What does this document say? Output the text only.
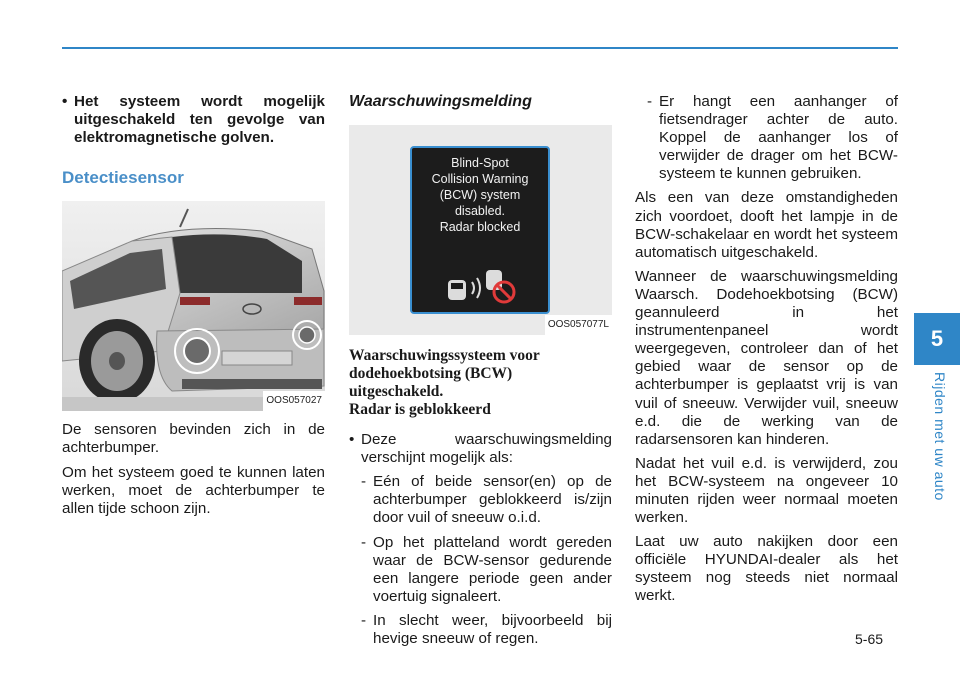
• Het systeem wordt mogelijk uitgeschakeld ten gevolge van elektromagnetische golven.
Detectiesensor
OOS057027

De sensoren bevinden zich in de achterbumper.

Om het systeem goed te kunnen laten werken, moet de achterbumper te allen tijde schoon zijn.

Waarschuwingsmelding
Blind-Spot
Collision Warning
(BCW) system
disabled.
Radar blocked
OOS057077L
Waarschuwingssysteem voor
dodehoekbotsing (BCW)
uitgeschakeld.
Radar is geblokkeerd
• Deze waarschuwingsmelding verschijnt mogelijk als:
- Eén of beide sensor(en) op de achterbumper geblokkeerd is/zijn door vuil of sneeuw o.i.d.
- Op het platteland wordt gereden waar de BCW-sensor gedurende een langere periode geen ander voertuig signaleert.
- In slecht weer, bijvoorbeeld bij hevige sneeuw of regen.
- Er hangt een aanhanger of fietsendrager achter de auto. Koppel de aanhanger los of verwijder de drager om het BCW-systeem te kunnen gebruiken.

Als een van deze omstandigheden zich voordoet, dooft het lampje in de BCW-schakelaar en wordt het systeem automatisch uitgeschakeld.

Wanneer de waarschuwingsmelding Waarsch. Dodehoekbotsing (BCW) geannuleerd in het instrumentenpaneel wordt weergegeven, controleer dan of het gebied waar de sensor op de achterbumper is geplaatst vrij is van vuil of sneeuw. Verwijder vuil, sneeuw e.d. die de werking van de radarsensoren kan hinderen.

Nadat het vuil e.d. is verwijderd, zou het BCW-systeem na ongeveer 10 minuten rijden weer normaal moeten werken.

Laat uw auto nakijken door een officiële HYUNDAI-dealer als het systeem nog steeds niet normaal werkt.

5
Rijden met uw auto
5-65
